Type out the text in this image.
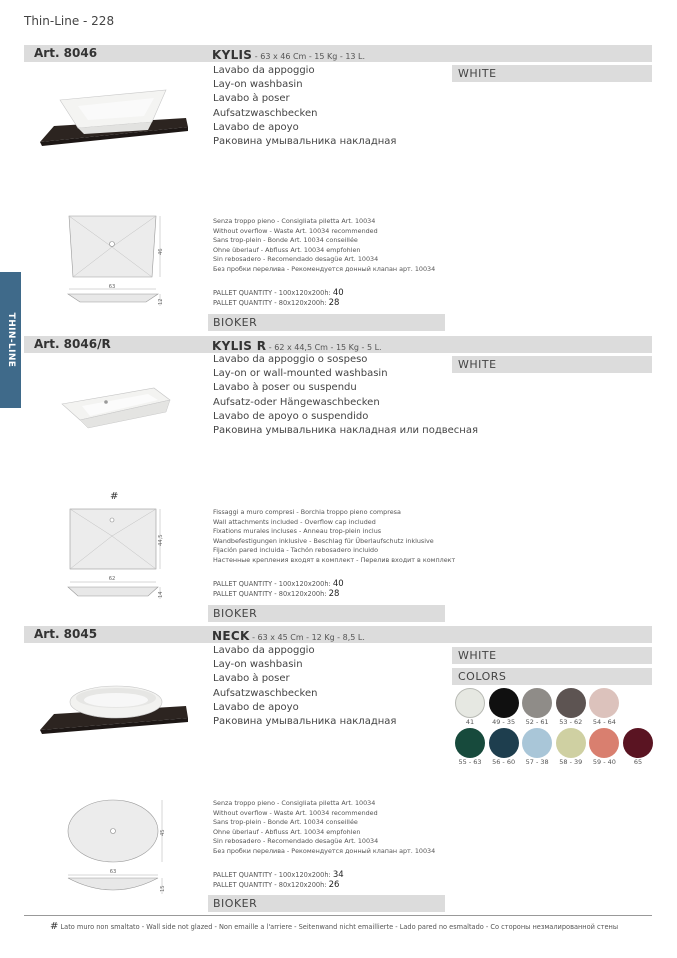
Thin-Line - 228
THIN-LINE
Art. 8046	KYLIS - 63 x 46 Cm - 15 Kg - 13 L.
WHITE
Lavabo da appoggio
Lay-on washbasin
Lavabo à poser
Aufsatzwaschbecken
Lavabo de apoyo
Раковина умывальника накладная
46
63
12
Senza troppo pieno - Consigliata piletta Art. 10034
Without overflow - Waste Art. 10034 recommended
Sans trop-plein - Bonde Art. 10034 conseillée
Ohne überlauf - Abfluss Art. 10034 empfohlen
Sin rebosadero - Recomendado desagüe Art. 10034
Без пробки перелива - Рекомендуется донный клапан арт. 10034
PALLET QUANTITY - 100x120x200h: 40
PALLET QUANTITY - 80x120x200h: 28
BIOKER
Art. 8046/R	KYLIS R - 62 x 44,5 Cm - 15 Kg - 5 L.
WHITE
Lavabo da appoggio o sospeso
Lay-on or wall-mounted washbasin
Lavabo à poser ou suspendu
Aufsatz-oder Hängewaschbecken
Lavabo de apoyo o suspendido
Раковина умывальника накладная или подвесная
#
44,5
62
14
Fissaggi a muro compresi - Borchia troppo pieno compresa
Wall attachments included - Overflow cap included
Fixations murales incluses - Anneau trop-plein inclus
Wandbefestigungen inklusive - Beschlag für Überlaufschutz inklusive
Fijación pared incluida - Tachón rebosadero incluido
Настенные крепления входят в комплект - Перелив входит в комплект
PALLET QUANTITY - 100x120x200h: 40
PALLET QUANTITY - 80x120x200h: 28
BIOKER
Art. 8045	NECK - 63 x 45 Cm - 12 Kg - 8,5 L.
WHITE
COLORS
Lavabo da appoggio
Lay-on washbasin
Lavabo à poser
Aufsatzwaschbecken
Lavabo de apoyo
Раковина умывальника накладная	41	49 - 35	52 - 61	53 - 62	54 - 64
55 - 63	56 - 60	57 - 38	58 - 39	59 - 40	65
45
63
15
Senza troppo pieno - Consigliata piletta Art. 10034
Without overflow - Waste Art. 10034 recommended
Sans trop-plein - Bonde Art. 10034 conseillée
Ohne überlauf - Abfluss Art. 10034 empfohlen
Sin rebosadero - Recomendado desagüe Art. 10034
Без пробки перелива - Рекомендуется донный клапан арт. 10034
PALLET QUANTITY - 100x120x200h: 34
PALLET QUANTITY - 80x120x200h: 26
BIOKER
# Lato muro non smaltato - Wall side not glazed - Non emaille a l'arriere - Seitenwand nicht emaillierte - Lado pared no esmaltado - Со стороны незмалированной стены
